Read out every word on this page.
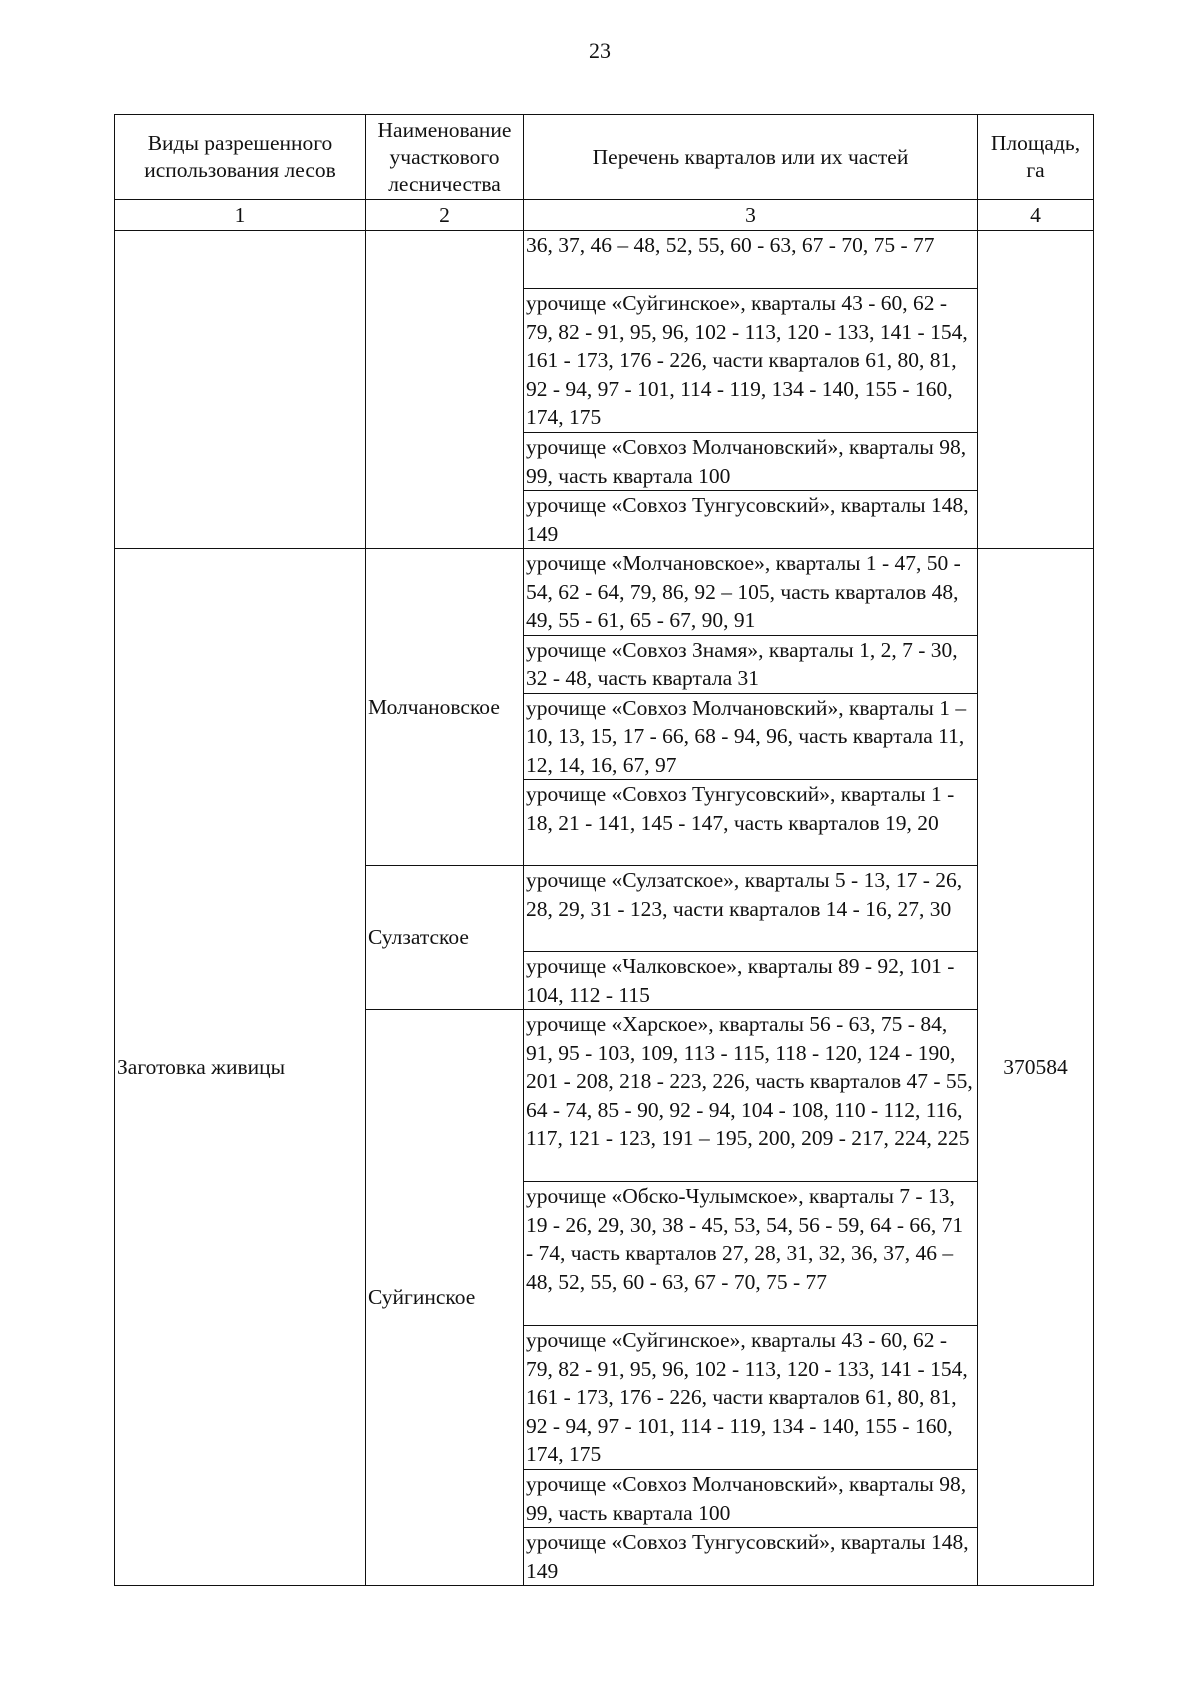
23
Виды разрешенного использования лесов	Наименование участкового лесничества	Перечень кварталов или их частей	Площадь, га
1	2	3	4
		36, 37, 46 – 48, 52, 55, 60 - 63, 67 - 70, 75 - 77	
		урочище «Суйгинское», кварталы 43 - 60, 62 - 79, 82 - 91, 95, 96, 102 - 113, 120 - 133, 141 - 154, 161 - 173, 176 - 226, части кварталов 61, 80, 81, 92 - 94, 97 - 101, 114 - 119, 134 - 140, 155 - 160, 174, 175	
		урочище «Совхоз Молчановский», кварталы 98, 99, часть квартала 100	
		урочище «Совхоз Тунгусовский», кварталы 148, 149	
Заготовка живицы	Молчановское	урочище «Молчановское», кварталы 1 - 47, 50 - 54, 62 - 64, 79, 86, 92 – 105, часть кварталов 48, 49, 55 - 61, 65 - 67, 90, 91	370584
		урочище «Совхоз Знамя», кварталы 1, 2, 7 - 30, 32 - 48, часть квартала 31	
		урочище «Совхоз Молчановский», кварталы 1 – 10, 13, 15, 17 - 66, 68 - 94, 96, часть квартала 11, 12, 14, 16, 67, 97	
		урочище «Совхоз Тунгусовский», кварталы 1 - 18, 21 - 141, 145 - 147, часть кварталов 19, 20	
	Сулзатское	урочище «Сулзатское», кварталы 5 - 13, 17 - 26, 28, 29, 31 - 123, части кварталов 14 - 16, 27, 30	
		урочище «Чалковское», кварталы 89 - 92, 101 - 104, 112 - 115	
	Суйгинское	урочище «Харское», кварталы 56 - 63, 75 - 84, 91, 95 - 103, 109, 113 - 115, 118 - 120, 124 - 190, 201 - 208, 218 - 223, 226, часть кварталов 47 - 55, 64 - 74, 85 - 90, 92 - 94, 104 - 108, 110 - 112, 116, 117, 121 - 123, 191 – 195, 200, 209 - 217, 224, 225	
		урочище «Обско-Чулымское», кварталы 7 - 13, 19 - 26, 29, 30, 38 - 45, 53, 54, 56 - 59, 64 - 66, 71 - 74, часть кварталов 27, 28, 31, 32, 36, 37, 46 – 48, 52, 55, 60 - 63, 67 - 70, 75 - 77	
		урочище «Суйгинское», кварталы 43 - 60, 62 - 79, 82 - 91, 95, 96, 102 - 113, 120 - 133, 141 - 154, 161 - 173, 176 - 226, части кварталов 61, 80, 81, 92 - 94, 97 - 101, 114 - 119, 134 - 140, 155 - 160, 174, 175	
		урочище «Совхоз Молчановский», кварталы 98, 99, часть квартала 100	
		урочище «Совхоз Тунгусовский», кварталы 148, 149	
